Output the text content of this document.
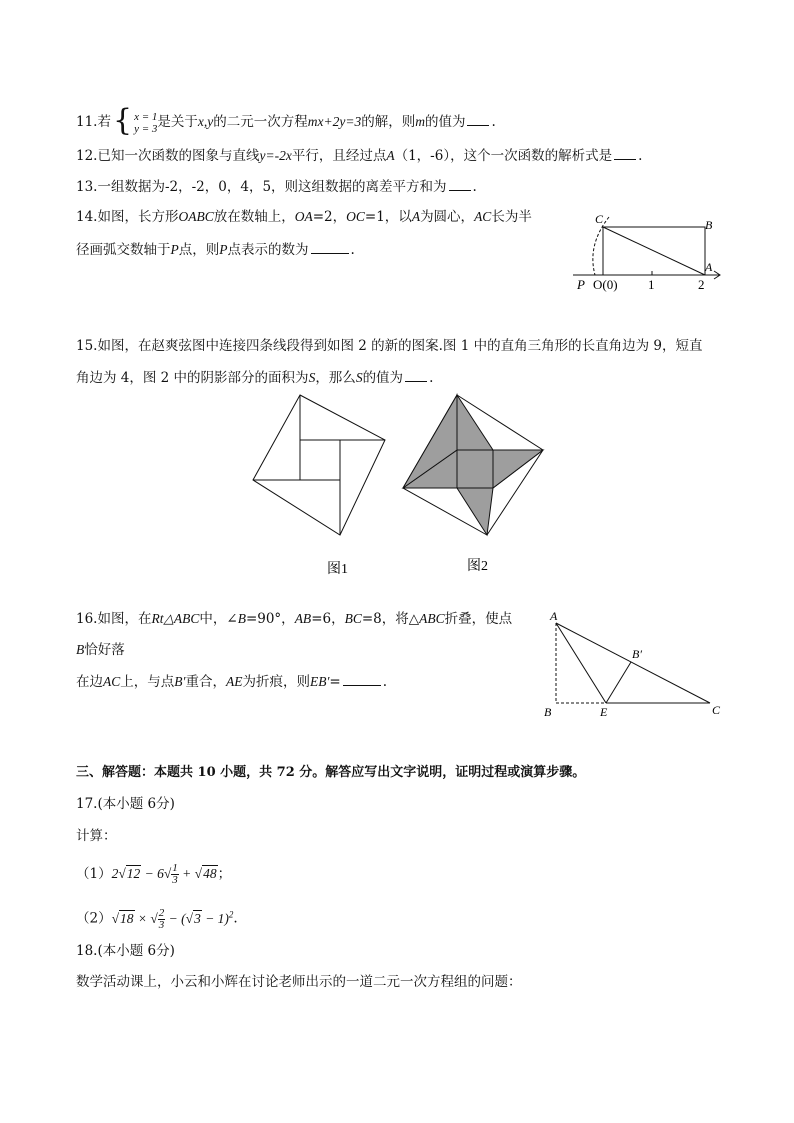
11.若{ x = 1
y = 3 是关于x,y的二元一次方程mx+2y=3的解，则m的值为 .
12.已知一次函数的图象与直线y=-2x平行，且经过点A（1，-6），这个一次函数的解析式是 .
13.一组数据为-2，-2，0，4，5，则这组数据的离差平方和为 .
14.如图，长方形OABC放在数轴上，OA=2，OC=1，以A为圆心，AC长为半
径画弧交数轴于P点，则P点表示的数为	.
C	B
A
P O(0) 1	2
15.如图，在赵爽弦图中连接四条线段得到如图 2 的新的图案.图 1 中的直角三角形的长直角边为 9，短直
角边为 4，图 2 中的阴影部分的面积为S，那么S的值为 .
图1	图2
16.如图，在Rt△ABC中，∠B=90°，AB=6，BC=8，将△ABC折叠，使点
B恰好落
在边AC上，与点B′重合，AE为折痕，则EB′=	.
A
B	C
E
B′
三、解答题：本题共 10 小题，共 72 分。解答应写出文字说明，证明过程或演算步骤。
17.(本小题 6分)
计算：
$(1)2√12 - 6√ \frac{1}{3} + √48$；
（2）√18 × √ $\frac{2}{3} - (√3 - 1)^2$.
18.(本小题 6分)
数学活动课上，小云和小辉在讨论老师出示的一道二元一次方程组的问题：
